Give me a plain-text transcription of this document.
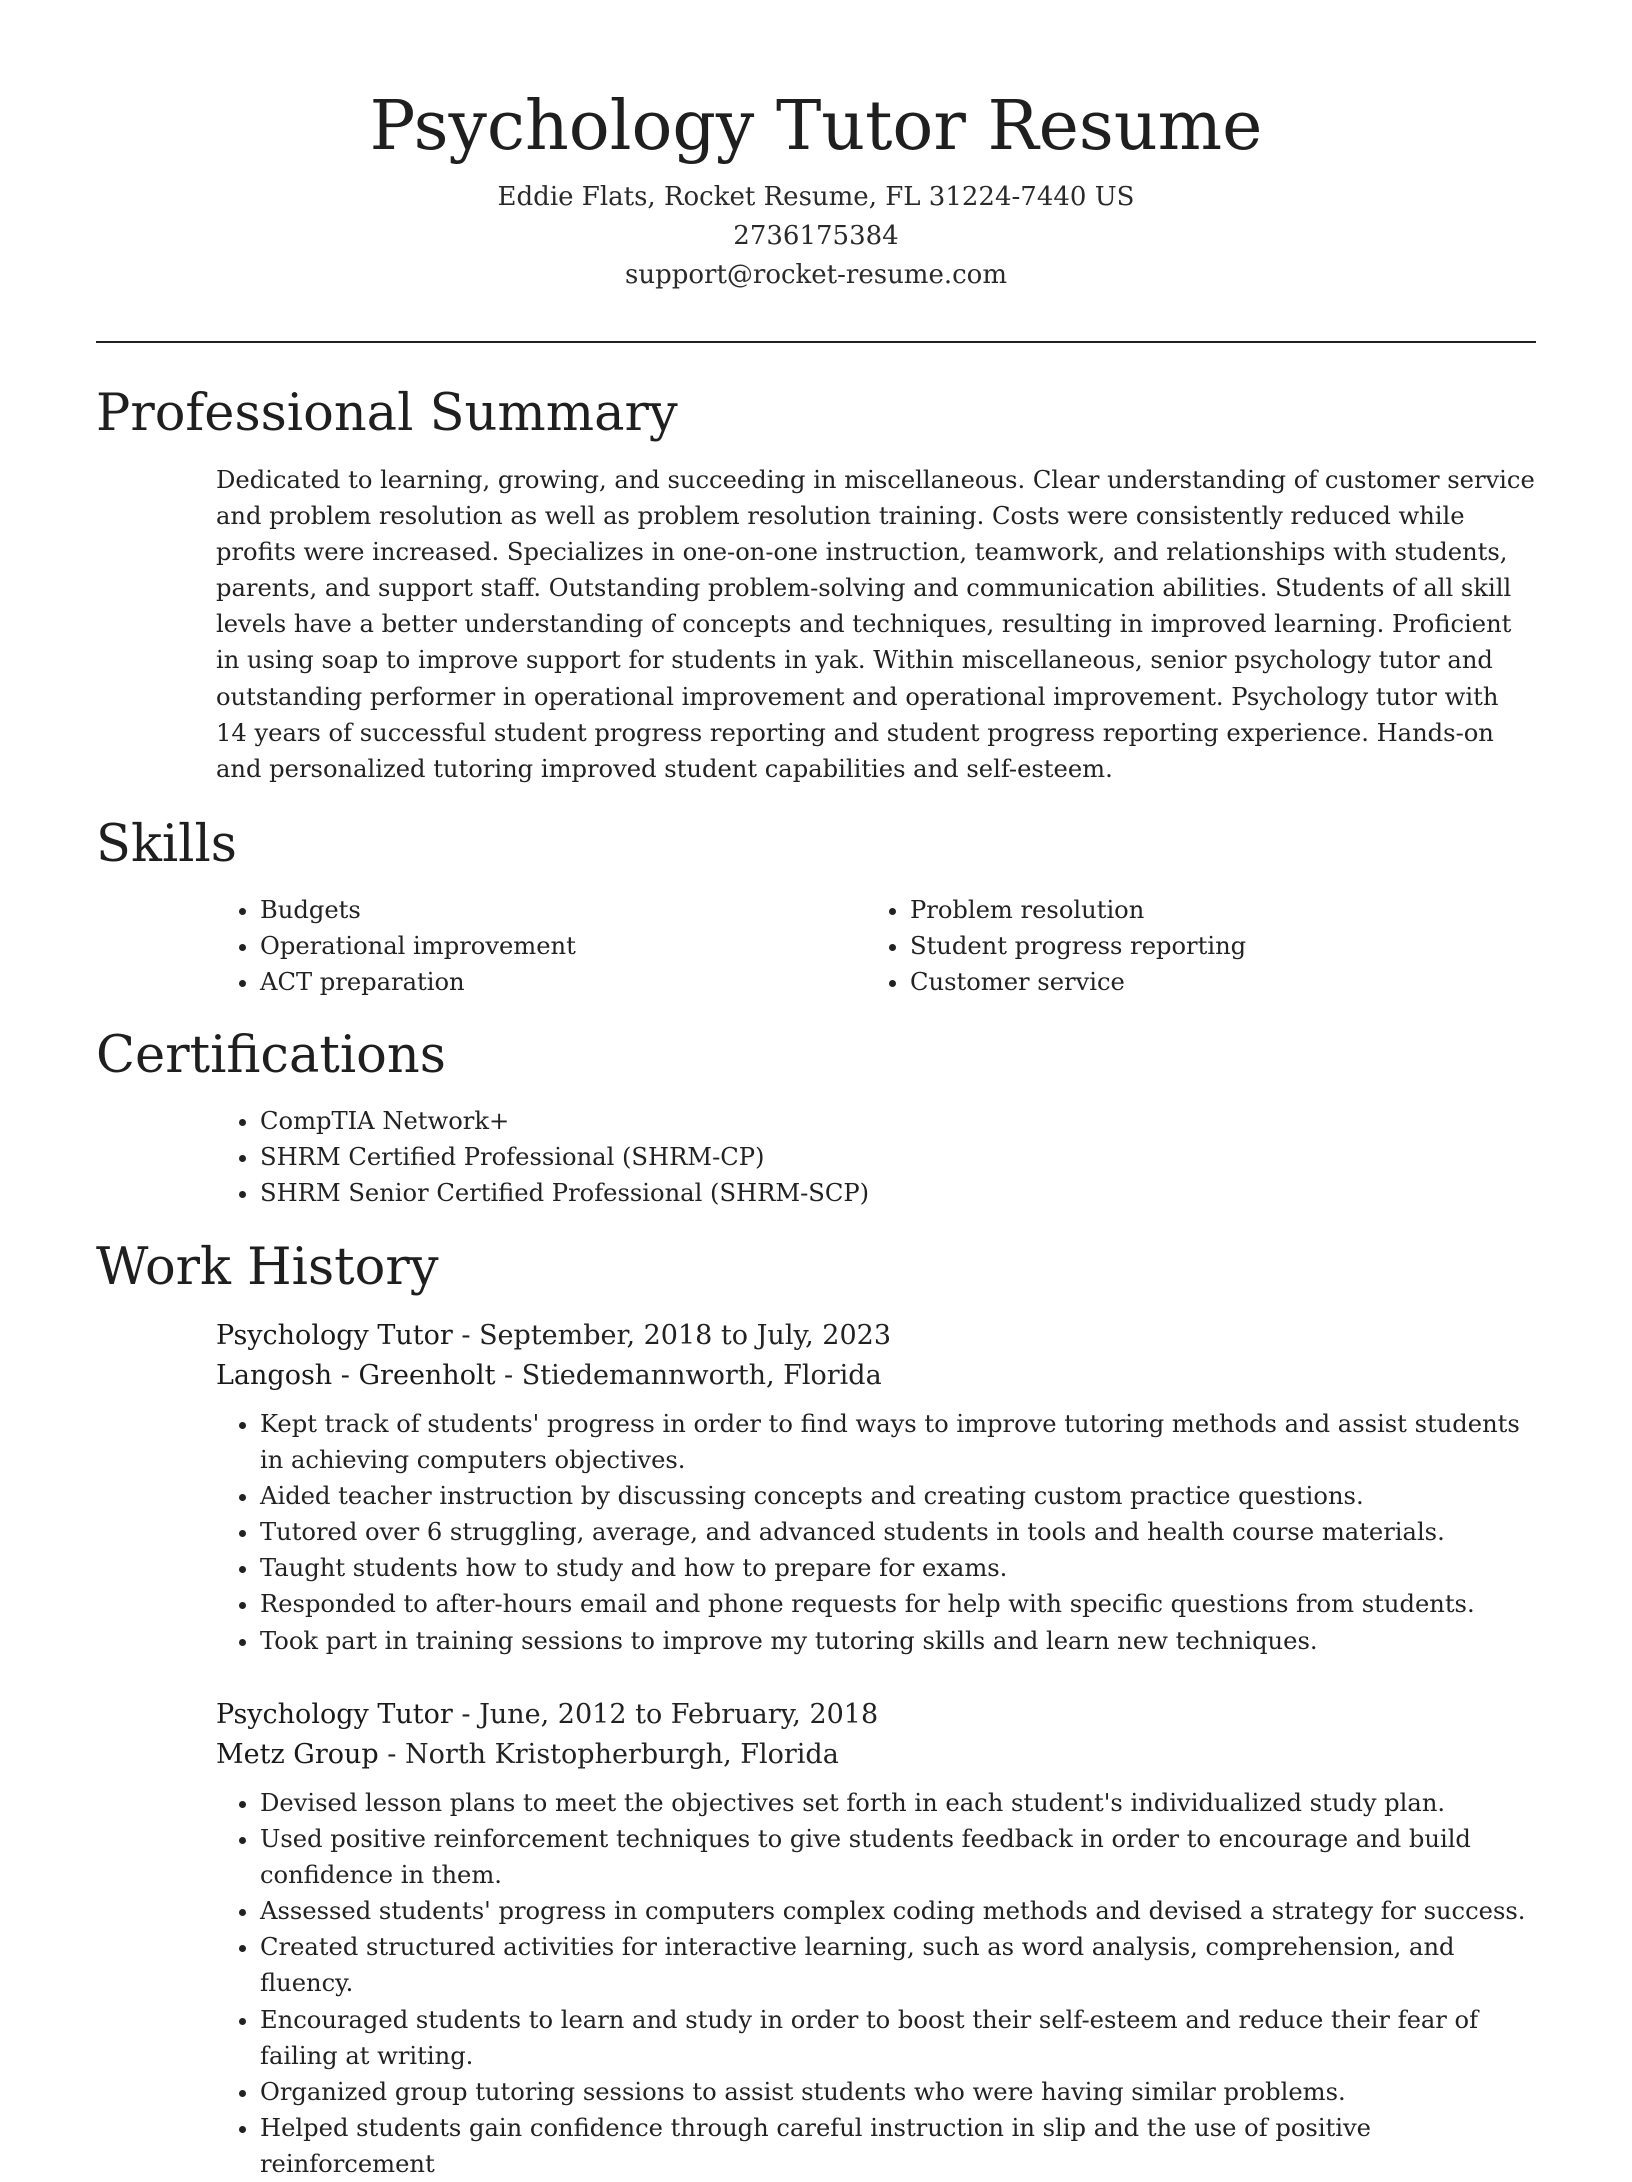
Psychology Tutor Resume

Eddie Flats, Rocket Resume, FL 31224-7440 US

2736175384

support@rocket-resume.com

Professional Summary

Dedicated to learning, growing, and succeeding in miscellaneous. Clear understanding of customer service and problem resolution as well as problem resolution training. Costs were consistently reduced while profits were increased. Specializes in one-on-one instruction, teamwork, and relationships with students, parents, and support staff. Outstanding problem-solving and communication abilities. Students of all skill levels have a better understanding of concepts and techniques, resulting in improved learning. Proficient in using soap to improve support for students in yak. Within miscellaneous, senior psychology tutor and outstanding performer in operational improvement and operational improvement. Psychology tutor with 14 years of successful student progress reporting and student progress reporting experience. Hands-on and personalized tutoring improved student capabilities and self-esteem.

Skills
• Budgets
• Operational improvement
• ACT preparation
• Problem resolution
• Student progress reporting
• Customer service
Certifications
• CompTIA Network+
• SHRM Certified Professional (SHRM-CP)
• SHRM Senior Certified Professional (SHRM-SCP)
Work History

Psychology Tutor - September, 2018 to July, 2023

Langosh - Greenholt - Stiedemannworth, Florida

• Kept track of students' progress in order to find ways to improve tutoring methods and assist students in achieving computers objectives.
• Aided teacher instruction by discussing concepts and creating custom practice questions.
• Tutored over 6 struggling, average, and advanced students in tools and health course materials.
• Taught students how to study and how to prepare for exams.
• Responded to after-hours email and phone requests for help with specific questions from students.
• Took part in training sessions to improve my tutoring skills and learn new techniques.

Psychology Tutor - June, 2012 to February, 2018

Metz Group - North Kristopherburgh, Florida

• Devised lesson plans to meet the objectives set forth in each student's individualized study plan.
• Used positive reinforcement techniques to give students feedback in order to encourage and build confidence in them.
• Assessed students' progress in computers complex coding methods and devised a strategy for success.
• Created structured activities for interactive learning, such as word analysis, comprehension, and fluency.
• Encouraged students to learn and study in order to boost their self-esteem and reduce their fear of failing at writing.
• Organized group tutoring sessions to assist students who were having similar problems.
• Helped students gain confidence through careful instruction in slip and the use of positive reinforcement
